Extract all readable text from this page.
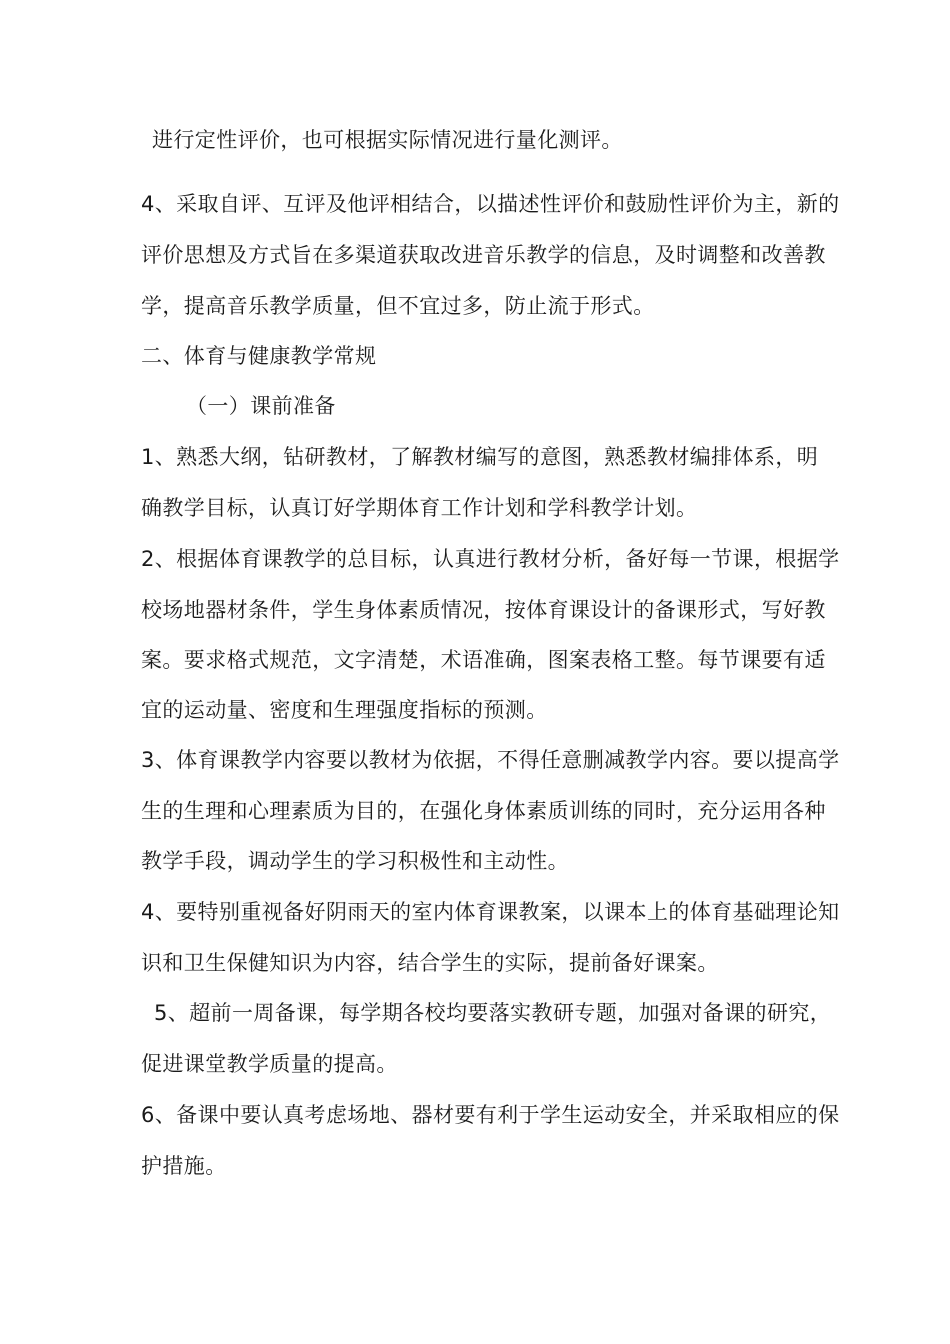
进行定性评价，也可根据实际情况进行量化测评。
4、采取自评、互评及他评相结合，以描述性评价和鼓励性评价为主，新的
评价思想及方式旨在多渠道获取改进音乐教学的信息，及时调整和改善教
学，提高音乐教学质量，但不宜过多，防止流于形式。
二、体育与健康教学常规
（一）课前准备
1、熟悉大纲，钻研教材，了解教材编写的意图，熟悉教材编排体系，明
确教学目标，认真订好学期体育工作计划和学科教学计划。
2、根据体育课教学的总目标，认真进行教材分析，备好每一节课，根据学
校场地器材条件，学生身体素质情况，按体育课设计的备课形式，写好教
案。要求格式规范，文字清楚，术语准确，图案表格工整。每节课要有适
宜的运动量、密度和生理强度指标的预测。
3、体育课教学内容要以教材为依据，不得任意删减教学内容。要以提高学
生的生理和心理素质为目的，在强化身体素质训练的同时，充分运用各种
教学手段，调动学生的学习积极性和主动性。
4、要特别重视备好阴雨天的室内体育课教案，以课本上的体育基础理论知
识和卫生保健知识为内容，结合学生的实际，提前备好课案。
5、超前一周备课，每学期各校均要落实教研专题，加强对备课的研究，
促进课堂教学质量的提高。
6、备课中要认真考虑场地、器材要有利于学生运动安全，并采取相应的保
护措施。
